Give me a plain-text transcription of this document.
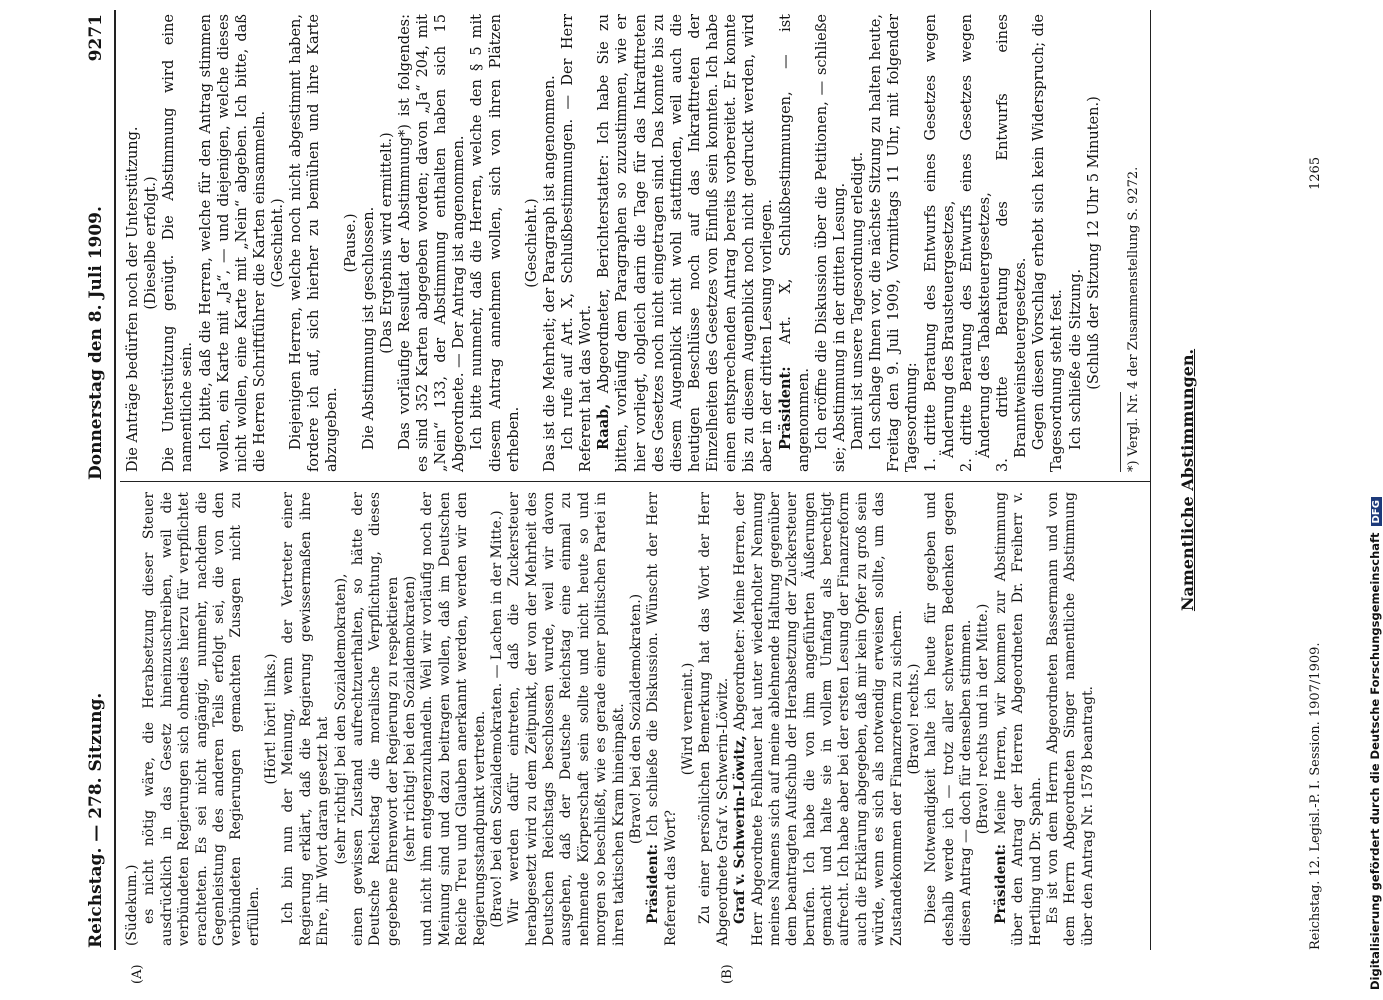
Reichstag. — 278. Sitzung.
Donnerstag den 8. Juli 1909.
9271
(A)	(B)

(Südekum.) es nicht nötig wäre, die Herabsetzung dieser Steuer ausdrücklich in das Gesetz hineinzuschreiben, weil die verbündeten Regierungen sich ohnedies hierzu für verpflichtet erachteten. Es sei nicht angängig, nunmehr, nachdem die Gegenleistung des anderen Teils erfolgt sei, die von den verbündeten Regierungen gemachten Zusagen nicht zu erfüllen.

(Hört! hört! links.) Ich bin nun der Meinung, wenn der Vertreter einer Regierung erklärt, daß die Regierung gewissermaßen ihre Ehre, ihr Wort daran gesetzt hat (sehr richtig! bei den Sozialdemokraten), einen gewissen Zustand aufrechtzuerhalten, so hätte der Deutsche Reichstag die moralische Verpflichtung, dieses gegebene Ehrenwort der Regierung zu respektieren (sehr richtig! bei den Sozialdemokraten) und nicht ihm entgegenzuhandeln. Weil wir vorläufig noch der Meinung sind und dazu beitragen wollen, daß im Deutschen Reiche Treu und Glauben anerkannt werden, werden wir den Regierungsstandpunkt vertreten. (Bravo! bei den Sozialdemokraten. — Lachen in der Mitte.) Wir werden dafür eintreten, daß die Zuckersteuer herabgesetzt wird zu dem Zeitpunkt, der von der Mehrheit des Deutschen Reichstags beschlossen wurde, weil wir davon ausgehen, daß der Deutsche Reichstag eine einmal zu nehmende Körperschaft sein sollte und nicht heute so und morgen so beschließt, wie es gerade einer politischen Partei in ihren taktischen Kram hineinpaßt. (Bravo! bei den Sozialdemokraten.)

Präsident: Ich schließe die Diskussion. Wünscht der Herr Referent das Wort?

(Wird verneint.) Zu einer persönlichen Bemerkung hat das Wort der Herr Abgeordnete Graf v. Schwerin-Löwitz. Graf v. Schwerin-Löwitz, Abgeordneter: Meine Herren, der Herr Abgeordnete Fehlhauer hat unter wiederholter Nennung meines Namens sich auf meine ablehnende Haltung gegenüber dem beantragten Aufschub der Herabsetzung der Zuckersteuer berufen. Ich habe die von ihm angeführten Äußerungen gemacht und halte sie in vollem Umfang als berechtigt aufrecht. Ich habe aber bei der ersten Lesung der Finanzreform auch die Erklärung abgegeben, daß mir kein Opfer zu groß sein würde, wenn es sich als notwendig erweisen sollte, um das Zustandekommen der Finanzreform zu sichern. (Bravo! rechts.) Diese Notwendigkeit halte ich heute für gegeben und deshalb werde ich — trotz aller schweren Bedenken gegen diesen Antrag — doch für denselben stimmen. (Bravo! rechts und in der Mitte.)

Präsident: Meine Herren, wir kommen zur Abstimmung über den Antrag der Herren Abgeordneten Dr. Freiherr v. Hertling und Dr. Spahn. Es ist von dem Herrn Abgeordneten Bassermann und von dem Herrn Abgeordneten Singer namentliche Abstimmung über den Antrag Nr. 1578 beantragt.

Die Anträge bedürfen noch der Unterstützung. (Dieselbe erfolgt.) Die Unterstützung genügt. Die Abstimmung wird eine namentliche sein. Ich bitte, daß die Herren, welche für den Antrag stimmen wollen, ein Karte mit „Ja“, — und diejenigen, welche dieses nicht wollen, eine Karte mit „Nein“ abgeben. Ich bitte, daß die Herren Schriftführer die Karten einsammeln. (Geschieht.) Diejenigen Herren, welche noch nicht abgestimmt haben, fordere ich auf, sich hierher zu bemühen und ihre Karte abzugeben.

(Pause.) Die Abstimmung ist geschlossen. (Das Ergebnis wird ermittelt.) Das vorläufige Resultat der Abstimmung*) ist folgendes: es sind 352 Karten abgegeben worden; davon „Ja“ 204, mit „Nein“ 133, der Abstimmung enthalten haben sich 15 Abgeordnete. — Der Antrag ist angenommen. Ich bitte nunmehr, daß die Herren, welche den § 5 mit diesem Antrag annehmen wollen, sich von ihren Plätzen erheben.

(Geschieht.) Das ist die Mehrheit; der Paragraph ist angenommen. Ich rufe auf Art. X, Schlußbestimmungen. — Der Herr Referent hat das Wort. Raab, Abgeordneter, Berichterstatter: Ich habe Sie zu bitten, vorläufig dem Paragraphen so zuzustimmen, wie er hier vorliegt, obgleich darin die Tage für das Inkrafttreten des Gesetzes noch nicht eingetragen sind. Das konnte bis zu diesem Augenblick nicht wohl stattfinden, weil auch die heutigen Beschlüsse noch auf das Inkrafttreten der Einzelheiten des Gesetzes von Einfluß sein konnten. Ich habe einen entsprechenden Antrag bereits vorbereitet. Er konnte bis zu diesem Augenblick noch nicht gedruckt werden, wird aber in der dritten Lesung vorliegen. Präsident: Art. X, Schlußbestimmungen, — ist angenommen. Ich eröffne die Diskussion über die Petitionen, — schließe sie; Abstimmung in der dritten Lesung. Damit ist unsere Tagesordnung erledigt. Ich schlage Ihnen vor, die nächste Sitzung zu halten heute, Freitag den 9. Juli 1909, Vormittags 11 Uhr, mit folgender Tagesordnung: 1. dritte Beratung des Entwurfs eines Gesetzes wegen Änderung des Brausteuergesetzes, 2. dritte Beratung des Entwurfs eines Gesetzes wegen Änderung des Tabaksteuergesetzes, 3. dritte Beratung des Entwurfs eines Branntweinsteuergesetzes. Gegen diesen Vorschlag erhebt sich kein Widerspruch; die Tagesordnung steht fest. Ich schließe die Sitzung. (Schluß der Sitzung 12 Uhr 5 Minuten.) *) Vergl. Nr. 4 der Zusammenstellung S. 9272.
Namentliche Abstimmungen.
Reichstag. 12. Legisl.-P. I. Session. 1907/1909.
1265
Digitalisierung gefördert durch die Deutsche ForschungsgemeinschaftDFG
